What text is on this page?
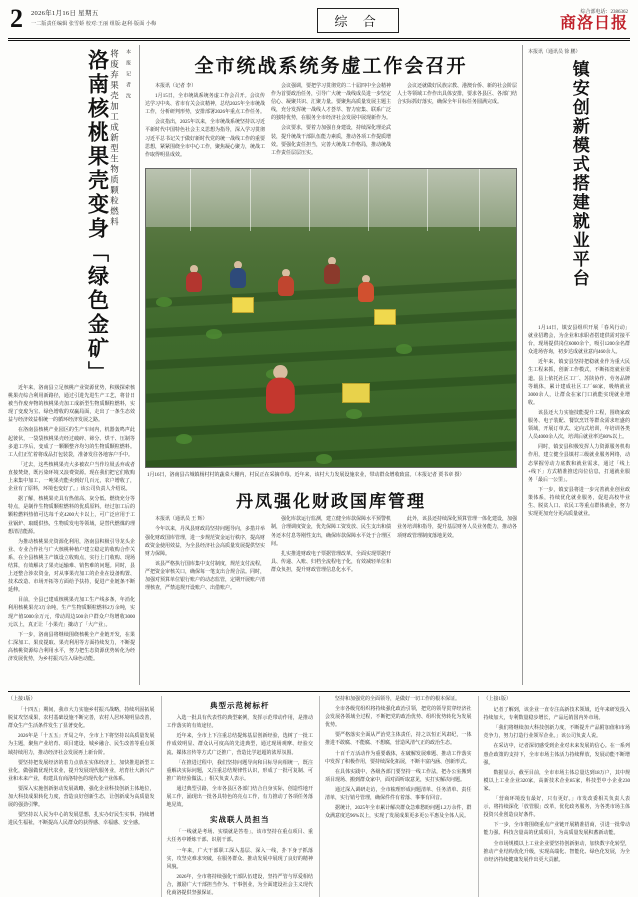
2 2026年1月16日 星期五
一二版责任编辑 张雪娇 校对:王丽 组版:赵利·版面 小梅	综 合
综合部电话：2386362
商洛日报
本 报 记 者 沈
将废弃果壳加工成新型生物质颗粒燃料
洛南核桃果壳变身「绿色金矿」

近年来，洛南县立足核桃产业资源优势，积极探索核桃果壳综合利用新路径，通过引进先进生产工艺，将昔日被当作废弃物的核桃果壳加工成新型生物质颗粒燃料，实现了变废为宝、绿色增收的双赢局面，走出了一条生态效益与经济效益相统一的循环经济发展之路。

在洛南县核桃产业园区的生产车间内，机器轰鸣声此起彼伏，一袋袋核桃果壳经过破碎、筛分、烘干、压制等多道工序后，变成了一颗颗整齐均匀的生物质颗粒燃料。工人们正忙着将成品打包装袋，准备发往各地客户手中。

「过去，这些核桃果壳大多被农户当作垃圾丢弃或者直接焚烧，既污染环境又浪费资源。现在我们把它们收购上来集中加工，一吨果壳能卖到好几百元，农户增收了，企业有了原料，环境也变好了。」该公司负责人介绍说。

据了解，核桃果壳具有热值高、灰分低、燃烧充分等特点，是制作生物质颗粒燃料的优质原料。经过加工后的颗粒燃料热值可达每千克4200大卡以上，可广泛应用于工业锅炉、取暖供热、生物质发电等领域，是替代燃煤的理想清洁能源。

为推动核桃果壳资源化利用，洛南县积极引导龙头企业、专业合作社与广大核桃种植户建立稳定的收购合作关系，在全县核桃主产镇设立收购点，实行上门收购、现场结算，有效解决了果壳运输难、销售难的问题。同时，县上还整合涉农资金，对从事果壳加工的企业在设备购置、技术改造、市场开拓等方面给予扶持，促进产业链条不断延伸。

目前，全县已建成核桃果壳加工生产线多条，年消化利用核桃果壳3万余吨，生产生物质颗粒燃料2万余吨，实现产值5000余万元，带动周边500余户群众户均增收3000元以上，真正让「小果壳」撬动了「大产业」。

下一步，洛南县将继续围绕核桃全产业链开发，在果仁深加工、果皮提取、果壳利用等方面持续发力，不断提高核桃资源综合利用水平，努力把生态资源优势转化为经济发展优势，为乡村振兴注入绿色动能。

全市统战系统务虚工作会召开

本报讯（记者 李）

1月15日，全市统战系统务虚工作会召开。会议传达学习中央、省市有关会议精神，总结2025年全市统战工作，分析研判形势，安排部署2026年重点工作任务。

会议指出，2025年以来，全市统战系统坚持以习近平新时代中国特色社会主义思想为指导，深入学习贯彻习近平总书记关于做好新时代党的统一战线工作的重要思想，紧紧围绕全市中心工作，聚焦凝心聚力，统战工作取得明显成效。

会议强调，要把学习贯彻党的二十届四中全会精神作为首要政治任务，引导广大统一战线成员进一步坚定信心、凝聚共识、汇聚力量。要聚焦高质量发展主题主线，充分发挥统一战线人才荟萃、智力密集、联系广泛的独特优势，在服务全市经济社会发展中展现新作为。

会议要求，要着力加强自身建设，持续深化理论武装，提升统战干部队伍能力素质，推动各项工作提质增效。要强化责任担当，完善大统战工作格局，推动统战工作责任层层压实。

会议还就做好民族宗教、港澳台侨、新的社会阶层人士等领域工作作出具体安排，要求各县区、各部门结合实际抓好落实，确保全年目标任务圆满完成。

1月16日，洛南县古城镇杨村村的蔬菜大棚内，村民正在采摘草莓。近年来，该村大力发展设施农业，带动群众增收致富。（本报记者 贾书章 摄）
丹凤强化财政国库管理

本报讯（通讯员 王 辉）

今年以来，丹凤县财政局坚持问题导向，多措并举强化财政国库管理，进一步规范资金运行秩序，提高财政资金使用效益，为全县经济社会高质量发展提供坚实财力保障。

该县严格执行国库集中支付制度，规范支付流程，严把资金审核关口，确保每一笔支出合规合法。同时，加强对预算单位银行账户的动态监管，定期开展账户清理核查，严禁违规开设账户、出借账户。

强化库款运行监测，建立健全库款保障水平预警机制，合理调度资金，优先保障工资发放、民生支出和债务还本付息等刚性支出，确保库款保障水平处于合理区间。

扎实推进财政电子票据管理改革，全面实现票据开具、传递、入账、归档全流程电子化，有效减轻单位和群众负担，提升财政管理信息化水平。

此外，该县还持续深化预算管理一体化建设，加强业务培训和指导，提升基层财务人员业务能力，推动各项财政管理制度落地见效。

本报讯（通讯员 徐 鹏）
镇安创新模式搭建就业平台

1月14日，镇安县组织开展「春风行动」就业招聘会，为企业和求职者搭建供需对接平台，现场提供岗位6000余个，吸引1200余名群众进场咨询，初步达成就业意向460余人。

近年来，镇安县坚持把稳就业作为重大民生工程来抓，创新工作模式，不断拓宽就业渠道。县上依托社区工厂、苏陕协作、劳务品牌等载体，累计建成社区工厂68家，吸纳就业3000余人，让群众在家门口就能实现就业增收。

该县还大力实施技能提升工程，围绕家政服务、电子装配、餐饮烹饪等群众需求旺盛的领域，开展订单式、定向式培训，年培训各类人员4000余人次，培训后就业率达80%以上。

同时，镇安县积极发挥人力资源服务机构作用，建立健全县镇村三级就业服务网络，动态掌握劳动力底数和就业需求，通过「线上+线下」方式精准推送岗位信息，打通就业服务「最后一公里」。

下一步，镇安县将进一步完善就业创业政策体系，持续优化就业服务，促进高校毕业生、脱贫人口、农民工等重点群体就业，努力实现更加充分更高质量就业。

（上接1版）

「十四五」期间，我市大力实施乡村振兴战略，持续巩固拓展脱贫攻坚成果，农村基础设施不断完善，农村人居环境明显改善，群众生产生活条件发生了显著变化。

2026年是「十五五」开局之年，全市上下将坚持以高质量发展为主题，聚焦产业培育、项目建设、城乡融合、民生改善等重点领域持续用力，推动经济社会发展再上新台阶。

要坚持把发展经济的着力点放在实体经济上，加快推进新型工业化，做强做优现代农业，提升发展现代服务业，培育壮大新兴产业和未来产业，构建具有商洛特色的现代化产业体系。

要深入实施创新驱动发展战略，强化企业科技创新主体地位，加大科技成果转化力度，营造良好创新生态，让创新成为高质量发展的强劲引擎。

要坚持以人民为中心的发展思想，扎实办好民生实事，持续增进民生福祉，不断提高人民群众的获得感、幸福感、安全感。

典型示范树标杆

入选一批具有代表性的典型案例，发挥示范带动作用，是推动工作落实的有效途径。

近年来，全市上下注重总结提炼基层创新经验，选树了一批工作成效明显、群众认可度高的先进典型，通过现场观摩、经验交流、媒体宣传等方式广泛推广，营造比学赶超的浓厚氛围。

「在推进过程中，我们坚持问题导向和目标导向相统一，既注重解决实际问题，又注重总结规律性认识，形成了一批可复制、可推广的经验做法。」相关负责人表示。

通过典型引路，全市各县区各部门结合自身实际，创造性地开展工作，涌现出一批各具特色的亮点工作，有力推动了各项任务落地见效。

实战联人员担当

「一线就是考场、实绩就是答卷」，该市坚持在重点项目、重大任务中锤炼干部、识别干部。

一年来，广大干部职工深入基层、深入一线，扑下身子抓落实，攻坚克难求突破，在服务群众、推动发展中展现了良好的精神风貌。

2026年，全市将持续强化干部队伍建设，坚持严管与厚爱相结合，激励广大干部担当作为、干事创业，为全面建设社会主义现代化商洛提供坚强保证。

坚持和加强党的全面领导，是做好一切工作的根本保证。

全市各级党组织将持续强化政治引领，把党的领导贯穿经济社会发展各领域全过程，不断把党的政治优势、组织优势转化为发展优势。

要严格落实全面从严治党主体责任，持之以恒正风肃纪，一体推进不敢腐、不能腐、不想腐，营造风清气正的政治生态。

十百千万活动作为重要载体，在破解发展难题、推动工作落实中发挥了积极作用，要持续深化拓展，不断丰富内涵、创新形式。

在具体实践中，各级各部门要坚持一线工作法，把办公室搬到项目现场、搬到群众家中，面对面听取意见，实打实解决问题。

通过深入调研走访，全市梳理形成问题清单、任务清单、责任清单，实行销号管理，确保件件有着落、事事有回音。

据统计，2025年全市累计解决群众急难愁盼问题1.2万余件，群众满意度达96%以上，实现了发展成果更多更公平惠及全体人民。

（上接1版）

记者了解到，该企业一直专注高新技术领域，近年来研发投入持续加大，专利数量稳步增长，产品远销国内外市场。

「我们将继续加大科技创新力度，不断提升产品附加值和市场竞争力，努力打造行业领军企业。」该公司负责人说。

在采访中，记者深切感受到企业对未来发展的信心。在一系列惠企政策的支持下，全市市场主体活力持续释放，发展动能不断增强。

数据显示，截至目前，全市市场主体总量达到18万户，其中规模以上工业企业320家，高新技术企业85家，科技型中小企业230家。

「营商环境没有最好，只有更好。」市发改委相关负责人表示，将持续深化「放管服」改革，优化政务服务，为各类市场主体投资兴业创造良好条件。

下一步，全市将围绕重点产业链开展精准招商，引进一批带动能力强、科技含量高的优质项目，为高质量发展积蓄新动能。

全市场规模以上工业企业要坚持创新驱动，加快数字化转型，推动产业结构优化升级，实现高端化、智能化、绿色化发展，为全市经济持续健康发展作出更大贡献。
